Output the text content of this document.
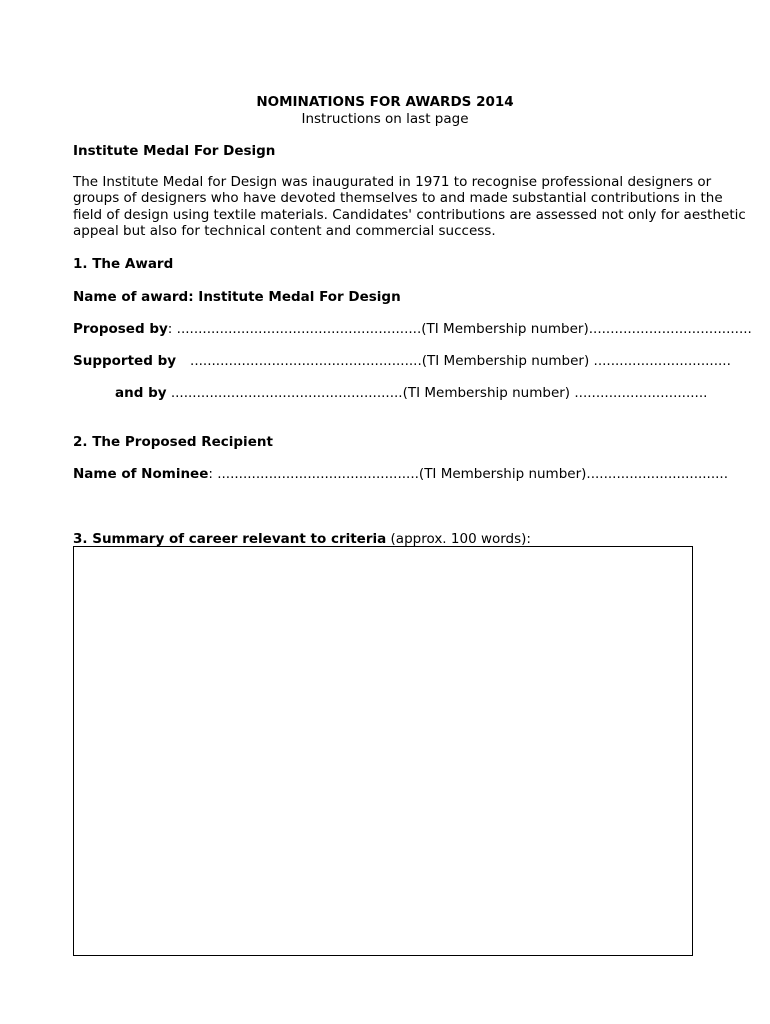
NOMINATIONS FOR AWARDS 2014
Instructions on last page
Institute Medal For Design
The Institute Medal for Design was inaugurated in 1971 to recognise professional designers or
groups of designers who have devoted themselves to and made substantial contributions in the
field of design using textile materials. Candidates' contributions are assessed not only for aesthetic
appeal but also for technical content and commercial success.
1. The Award
Name of award: Institute Medal For Design
Proposed by: .........................................................(TI Membership number)......................................
Supported by ......................................................(TI Membership number) ................................
and by ......................................................(TI Membership number) ...............................
2. The Proposed Recipient
Name of Nominee: ...............................................(TI Membership number).................................
3. Summary of career relevant to criteria (approx. 100 words):
